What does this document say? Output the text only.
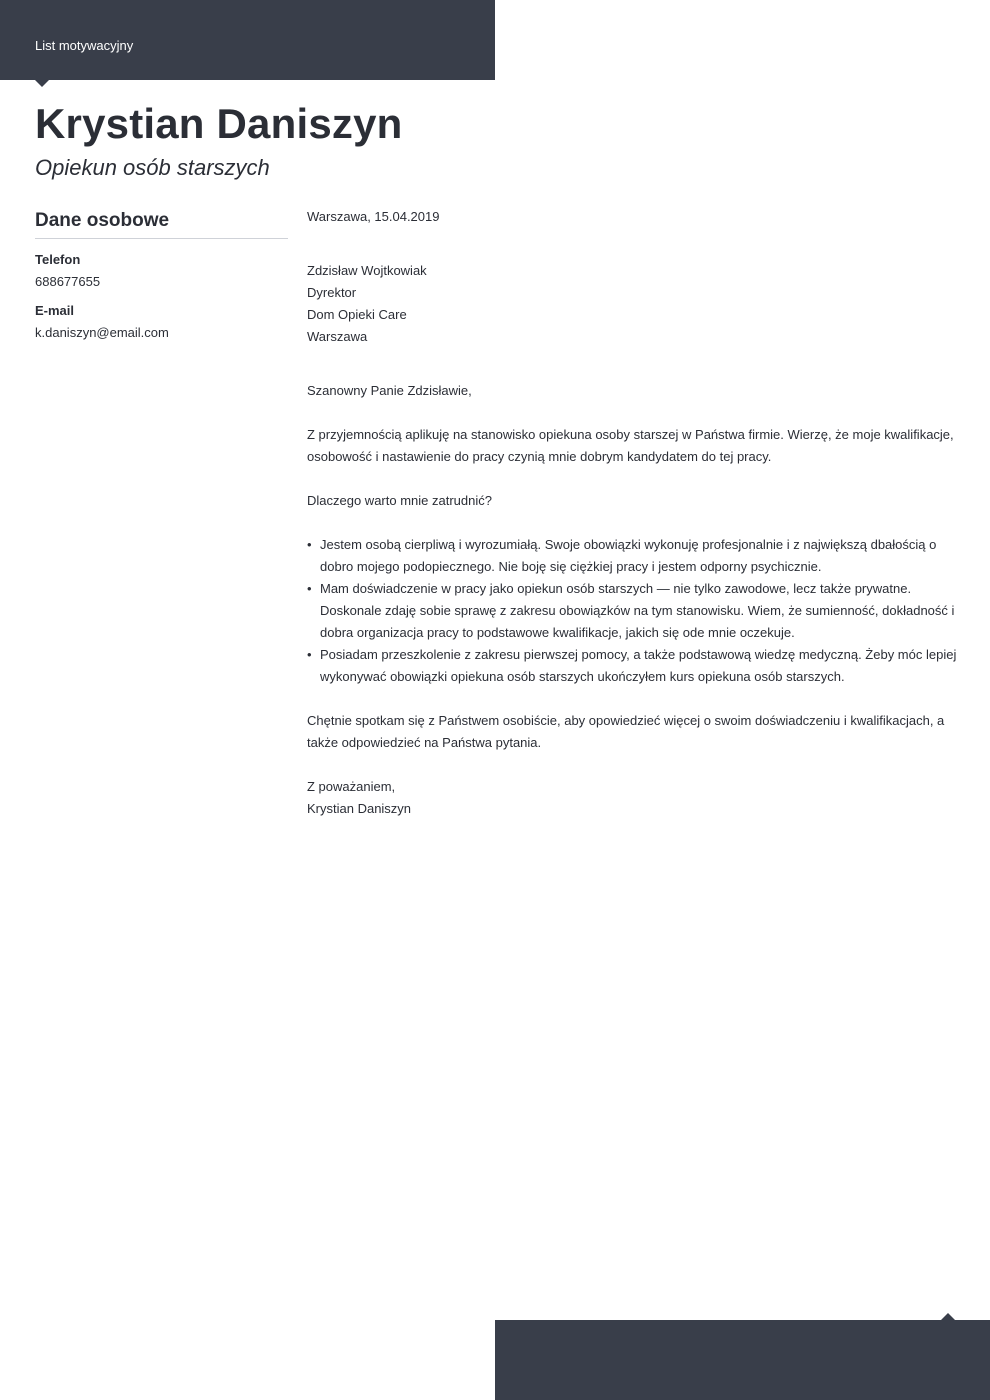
List motywacyjny
Krystian Daniszyn
Opiekun osób starszych
Dane osobowe
Telefon
688677655
E-mail
k.daniszyn@email.com

Warszawa, 15.04.2019

Zdzisław Wojtkowiak

Dyrektor

Dom Opieki Care

Warszawa

Szanowny Panie Zdzisławie,

Z przyjemnością aplikuję na stanowisko opiekuna osoby starszej w Państwa firmie. Wierzę, że moje kwalifikacje, osobowość i nastawienie do pracy czynią mnie dobrym kandydatem do tej pracy.

Dlaczego warto mnie zatrudnić?

• Jestem osobą cierpliwą i wyrozumiałą. Swoje obowiązki wykonuję profesjonalnie i z największą dbałością o dobro mojego podopiecznego. Nie boję się ciężkiej pracy i jestem odporny psychicznie.
• Mam doświadczenie w pracy jako opiekun osób starszych — nie tylko zawodowe, lecz także prywatne. Doskonale zdaję sobie sprawę z zakresu obowiązków na tym stanowisku. Wiem, że sumienność, dokładność i dobra organizacja pracy to podstawowe kwalifikacje, jakich się ode mnie oczekuje.
• Posiadam przeszkolenie z zakresu pierwszej pomocy, a także podstawową wiedzę medyczną. Żeby móc lepiej wykonywać obowiązki opiekuna osób starszych ukończyłem kurs opiekuna osób starszych.

Chętnie spotkam się z Państwem osobiście, aby opowiedzieć więcej o swoim doświadczeniu i kwalifikacjach, a także odpowiedzieć na Państwa pytania.

Z poważaniem,

Krystian Daniszyn
